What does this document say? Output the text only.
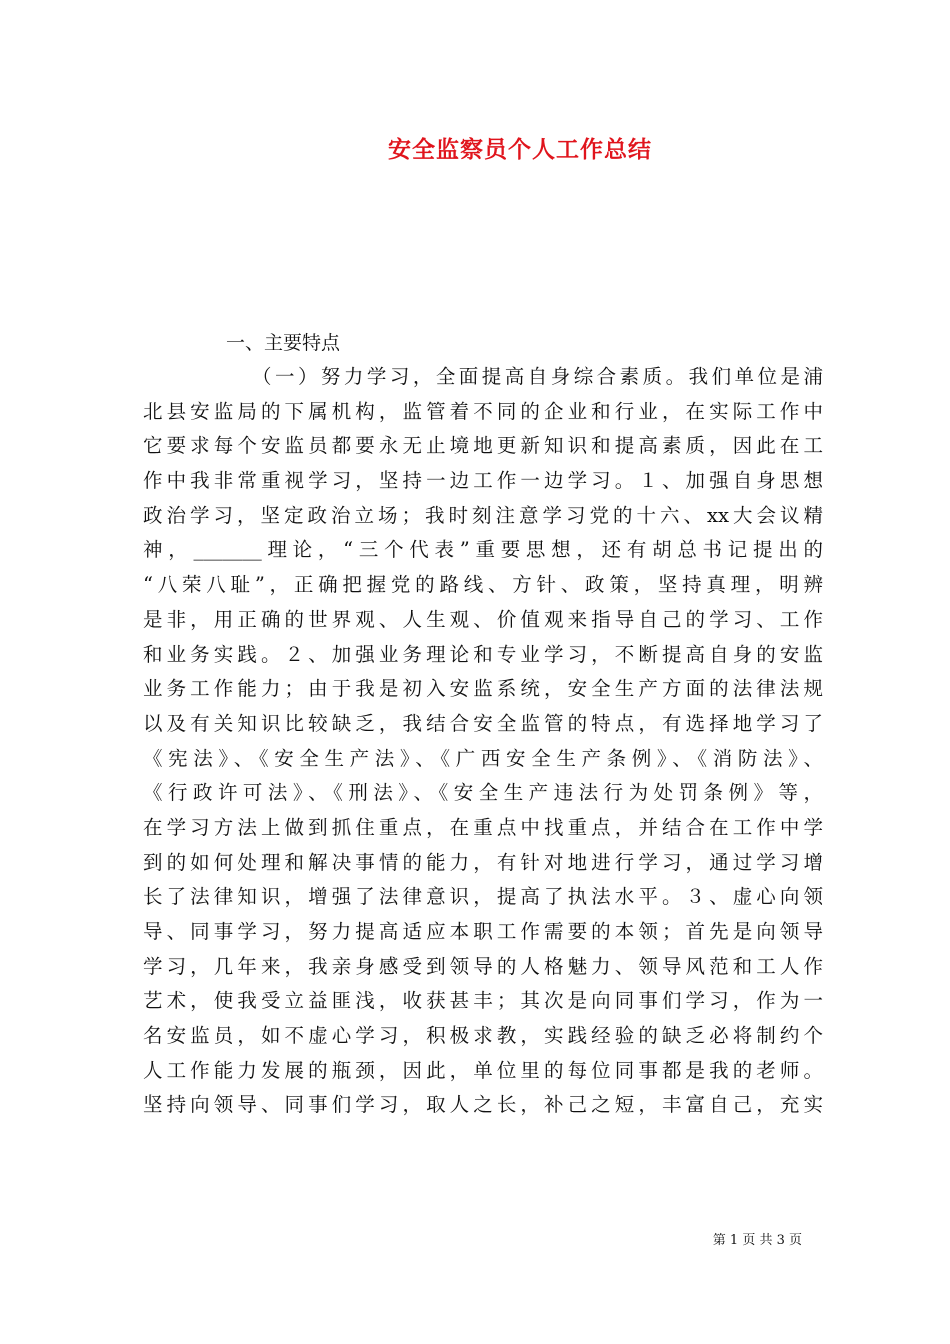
安全监察员个人工作总结
一、主要特点
（一）努力学习，全面提高自身综合素质。我们单位是浦
北县安监局的下属机构，监管着不同的企业和行业，在实际工作中
它要求每个安监员都要永无止境地更新知识和提高素质，因此在工
作中我非常重视学习，坚持一边工作一边学习。１、加强自身思想
政治学习，坚定政治立场；我时刻注意学习党的十六、xx大会议精
神，_______理论，“三个代表”重要思想，还有胡总书记提出的
“八荣八耻”，正确把握党的路线、方针、政策，坚持真理，明辨
是非，用正确的世界观、人生观、价值观来指导自己的学习、工作
和业务实践。２、加强业务理论和专业学习，不断提高自身的安监
业务工作能力；由于我是初入安监系统，安全生产方面的法律法规
以及有关知识比较缺乏，我结合安全监管的特点，有选择地学习了
《宪法》、《安全生产法》、《广西安全生产条例》、《消防法》、
《行政许可法》、《刑法》、《安全生产违法行为处罚条例》等，
在学习方法上做到抓住重点，在重点中找重点，并结合在工作中学
到的如何处理和解决事情的能力，有针对地进行学习，通过学习增
长了法律知识，增强了法律意识，提高了执法水平。３、虚心向领
导、同事学习，努力提高适应本职工作需要的本领；首先是向领导
学习，几年来，我亲身感受到领导的人格魅力、领导风范和工人作
艺术，使我受立益匪浅，收获甚丰；其次是向同事们学习，作为一
名安监员，如不虚心学习，积极求教，实践经验的缺乏必将制约个
人工作能力发展的瓶颈，因此，单位里的每位同事都是我的老师。
坚持向领导、同事们学习，取人之长，补己之短，丰富自己，充实
第 1 页 共 3 页
